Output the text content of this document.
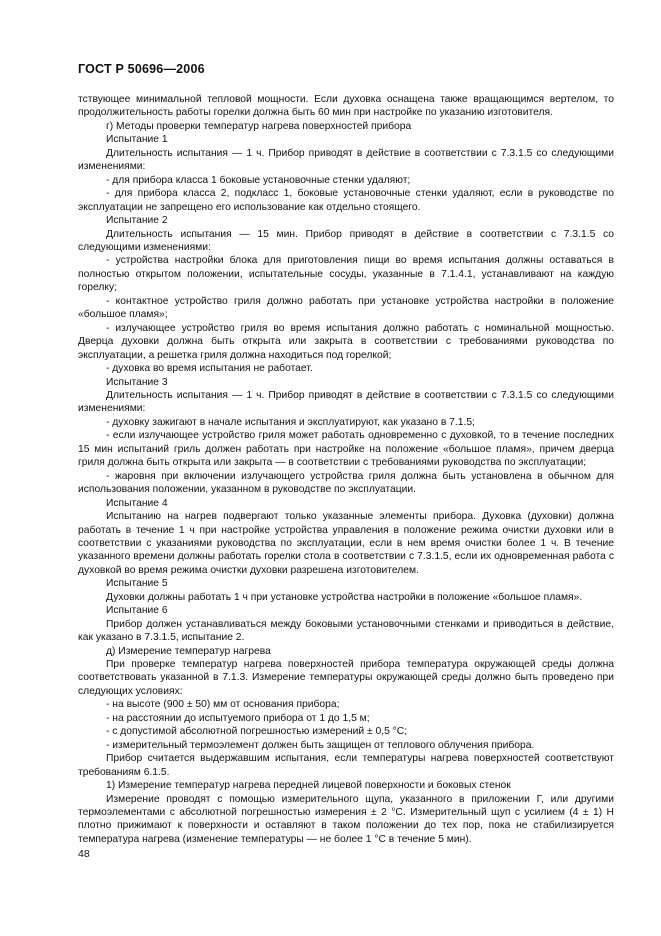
ГОСТ Р 50696—2006

тствующее минимальной тепловой мощности. Если духовка оснащена также вращающимся вертелом, то продолжительность работы горелки должна быть 60 мин при настройке по указанию изготовителя.

г) Методы проверки температур нагрева поверхностей прибора

Испытание 1

Длительность испытания — 1 ч. Прибор приводят в действие в соответствии с 7.3.1.5 со следующими изменениями:

- для прибора класса 1 боковые установочные стенки удаляют;

- для прибора класса 2, подкласс 1, боковые установочные стенки удаляют, если в руководстве по эксплуатации не запрещено его использование как отдельно стоящего.

Испытание 2

Длительность испытания — 15 мин. Прибор приводят в действие в соответствии с 7.3.1.5 со следующими изменениями:

- устройства настройки блока для приготовления пищи во время испытания должны оставаться в полностью открытом положении, испытательные сосуды, указанные в 7.1.4.1, устанавливают на каждую горелку;

- контактное устройство гриля должно работать при установке устройства настройки в положение «большое пламя»;

- излучающее устройство гриля во время испытания должно работать с номинальной мощностью. Дверца духовки должна быть открыта или закрыта в соответствии с требованиями руководства по эксплуатации, а решетка гриля должна находиться под горелкой;

- духовка во время испытания не работает.

Испытание 3

Длительность испытания — 1 ч. Прибор приводят в действие в соответствии с 7.3.1.5 со следующими изменениями:

- духовку зажигают в начале испытания и эксплуатируют, как указано в 7.1.5;

- если излучающее устройство гриля может работать одновременно с духовкой, то в течение последних 15 мин испытаний гриль должен работать при настройке на положение «большое пламя», причем дверца гриля должна быть открыта или закрыта — в соответствии с требованиями руководства по эксплуатации;

- жаровня при включении излучающего устройства гриля должна быть установлена в обычном для использования положении, указанном в руководстве по эксплуатации.

Испытание 4

Испытанию на нагрев подвергают только указанные элементы прибора. Духовка (духовки) должна работать в течение 1 ч при настройке устройства управления в положение режима очистки духовки или в соответствии с указаниями руководства по эксплуатации, если в нем время очистки более 1 ч. В течение указанного времени должны работать горелки стола в соответствии с 7.3.1.5, если их одновременная работа с духовкой во время режима очистки духовки разрешена изготовителем.

Испытание 5

Духовки должны работать 1 ч при установке устройства настройки в положение «большое пламя».

Испытание 6

Прибор должен устанавливаться между боковыми установочными стенками и приводиться в действие, как указано в 7.3.1.5, испытание 2.

д) Измерение температур нагрева

При проверке температур нагрева поверхностей прибора температура окружающей среды должна соответствовать указанной в 7.1.3. Измерение температуры окружающей среды должно быть проведено при следующих условиях:

- на высоте (900 ± 50) мм от основания прибора;

- на расстоянии до испытуемого прибора от 1 до 1,5 м;

- с допустимой абсолютной погрешностью измерений ± 0,5 °С;

- измерительный термоэлемент должен быть защищен от теплового облучения прибора.

Прибор считается выдержавшим испытания, если температуры нагрева поверхностей соответствуют требованиям 6.1.5.

1) Измерение температур нагрева передней лицевой поверхности и боковых стенок

Измерение проводят с помощью измерительного щупа, указанного в приложении Г, или другими термоэлементами с абсолютной погрешностью измерения ± 2 °С. Измерительный щуп с усилием (4 ± 1) Н плотно прижимают к поверхности и оставляют в таком положении до тех пор, пока не стабилизируется температура нагрева (изменение температуры — не более 1 °С в течение 5 мин).

48
